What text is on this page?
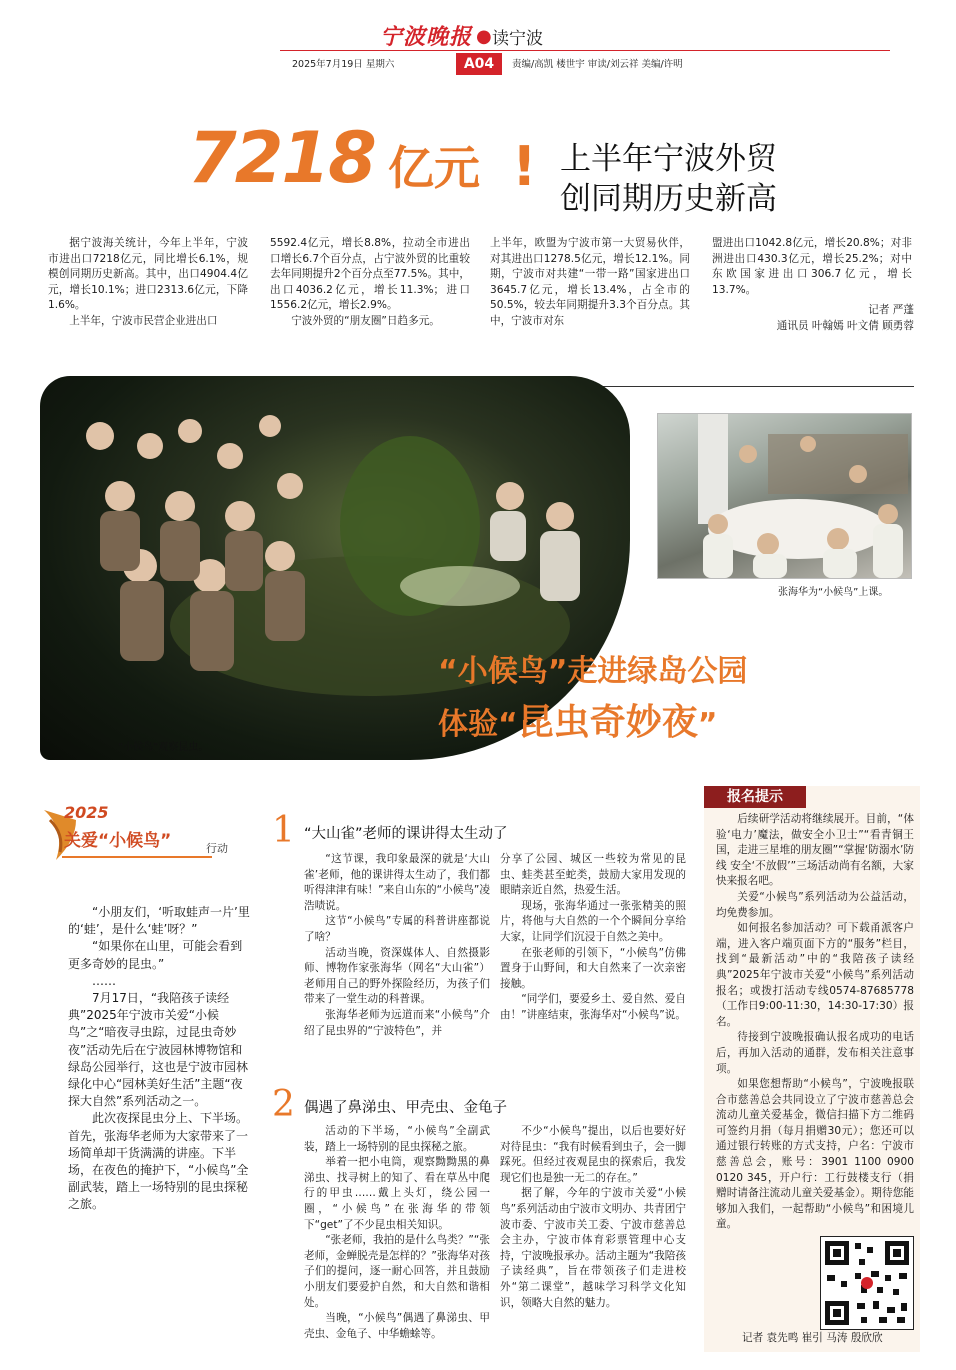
宁波晚报 ● 读宁波
2025年7月19日 星期六	A04	责编/高凯 楼世宇 审读/刘云祥 美编/许明
7218 亿元 ! 上半年宁波外贸
创同期历史新高

据宁波海关统计，今年上半年，宁波市进出口7218亿元，同比增长6.1%，规模创同期历史新高。其中，出口4904.4亿元，增长10.1%；进口2313.6亿元，下降1.6%。

上半年，宁波市民营企业进出口

5592.4亿元，增长8.8%，拉动全市进出口增长6.7个百分点，占宁波外贸的比重较去年同期提升2个百分点至77.5%。其中，出口4036.2亿元，增长11.3%；进口1556.2亿元，增长2.9%。

宁波外贸的“朋友圈”日趋多元。

上半年，欧盟为宁波市第一大贸易伙伴，对其进出口1278.5亿元，增长12.1%。同期，宁波市对共建“一带一路”国家进出口3645.7亿元，增长13.4%，占全市的50.5%，较去年同期提升3.3个百分点。其中，宁波市对东

盟进出口1042.8亿元，增长20.8%；对非洲进出口430.3亿元，增长25.2%；对中东欧国家进出口306.7亿元，增长13.7%。

记者 严蓬
通讯员 叶翰嫣 叶文倩 顾勇蓉
“小候鸟”观察昆虫。
张海华为“小候鸟”上课。
“小候鸟”走进绿岛公园
体验“昆虫奇妙夜”
2025
关爱“小候鸟”	行动

“小朋友们，‘听取蛙声一片’里的‘蛙’，是什么‘蛙’呀？”

“如果你在山里，可能会看到更多奇妙的昆虫。”

……

7月17日，“我陪孩子读经典”2025年宁波市关爱“小候鸟”之“暗夜寻虫踪，过昆虫奇妙夜”活动先后在宁波园林博物馆和绿岛公园举行，这也是宁波市园林绿化中心“园林美好生活”主题“夜探大自然”系列活动之一。

此次夜探昆虫分上、下半场。首先，张海华老师为大家带来了一场简单却干货满满的讲座。下半场，在夜色的掩护下，“小候鸟”全副武装，踏上一场特别的昆虫探秘之旅。

1 “大山雀”老师的课讲得太生动了

“这节课，我印象最深的就是‘大山雀’老师，他的课讲得太生动了，我们都听得津津有味！”来自山东的“小候鸟”凌浩啧说。

这节“小候鸟”专属的科普讲座都说了啥？

活动当晚，资深媒体人、自然摄影师、博物作家张海华（网名“大山雀”）老师用自己的野外探险经历，为孩子们带来了一堂生动的科普课。

张海华老师为远道而来“小候鸟”介绍了昆虫界的“宁波特色”，并

分享了公园、城区一些较为常见的昆虫、蛙类甚至蛇类，鼓励大家用发现的眼睛亲近自然，热爱生活。

现场，张海华通过一张张精美的照片，将他与大自然的一个个瞬间分享给大家，让同学们沉浸于自然之美中。

在张老师的引领下，“小候鸟”仿佛置身于山野间，和大自然来了一次亲密接触。

“同学们，要爱乡土、爱自然、爱自由！”讲座结束，张海华对“小候鸟”说。

2 偶遇了鼻涕虫、甲壳虫、金龟子

活动的下半场，“小候鸟”全副武装，踏上一场特别的昆虫探秘之旅。

举着一把小电筒，观察黝黝黑的鼻涕虫、找寻树上的知了、看在草丛中爬行的甲虫……戴上头灯，绕公园一圈，“小候鸟”在张海华的带领下“get”了不少昆虫相关知识。

“张老师，我拍的是什么鸟类？”“张老师，金蝉脱壳是怎样的？”张海华对孩子们的提问，逐一耐心回答，并且鼓励小朋友们要爱护自然，和大自然和谐相处。

当晚，“小候鸟”偶遇了鼻涕虫、甲壳虫、金龟子、中华蟾蜍等。

不少“小候鸟”提出，以后也要好好对待昆虫：“我有时候看到虫子，会一脚踩死。但经过夜观昆虫的探索后，我发现它们也是独一无二的存在。”

据了解，今年的宁波市关爱“小候鸟”系列活动由宁波市文明办、共青团宁波市委、宁波市关工委、宁波市慈善总会主办，宁波市体育彩票管理中心支持，宁波晚报承办。活动主题为“我陪孩子读经典”，旨在带领孩子们走进校外“第二课堂”，越味学习科学文化知识，领略大自然的魅力。

报名提示

后续研学活动将继续展开。目前，“体验‘电力’魔法，做安全小卫士”“看青铜王国，走进三星堆的朋友圈”“掌握‘防溺水’防线 安全‘不放假’”三场活动尚有名额，大家快来报名吧。

关爱“小候鸟”系列活动为公益活动，均免费参加。

如何报名参加活动？可下载甬派客户端，进入客户端页面下方的“服务”栏目，找到“最新活动”中的“我陪孩子读经典”2025年宁波市关爱“小候鸟”系列活动报名；或拨打活动专线0574-87685778（工作日9:00-11:30，14:30-17:30）报名。

待接到宁波晚报确认报名成功的电话后，再加入活动的通群，发布相关注意事项。

如果您想帮助“小候鸟”，宁波晚报联合市慈善总会共同设立了宁波市慈善总会流动儿童关爱基金，微信扫描下方二维码可签约月捐（每月捐赠30元）；您还可以通过银行转账的方式支持，户名：宁波市慈善总会，账号：3901 1100 0900 0120 345，开户行：工行鼓楼支行（捐赠时请备注流动儿童关爱基金）。期待您能够加入我们，一起帮助“小候鸟”和困境儿童。

记者 袁先鸣 崔引 马涛 殷欣欣
